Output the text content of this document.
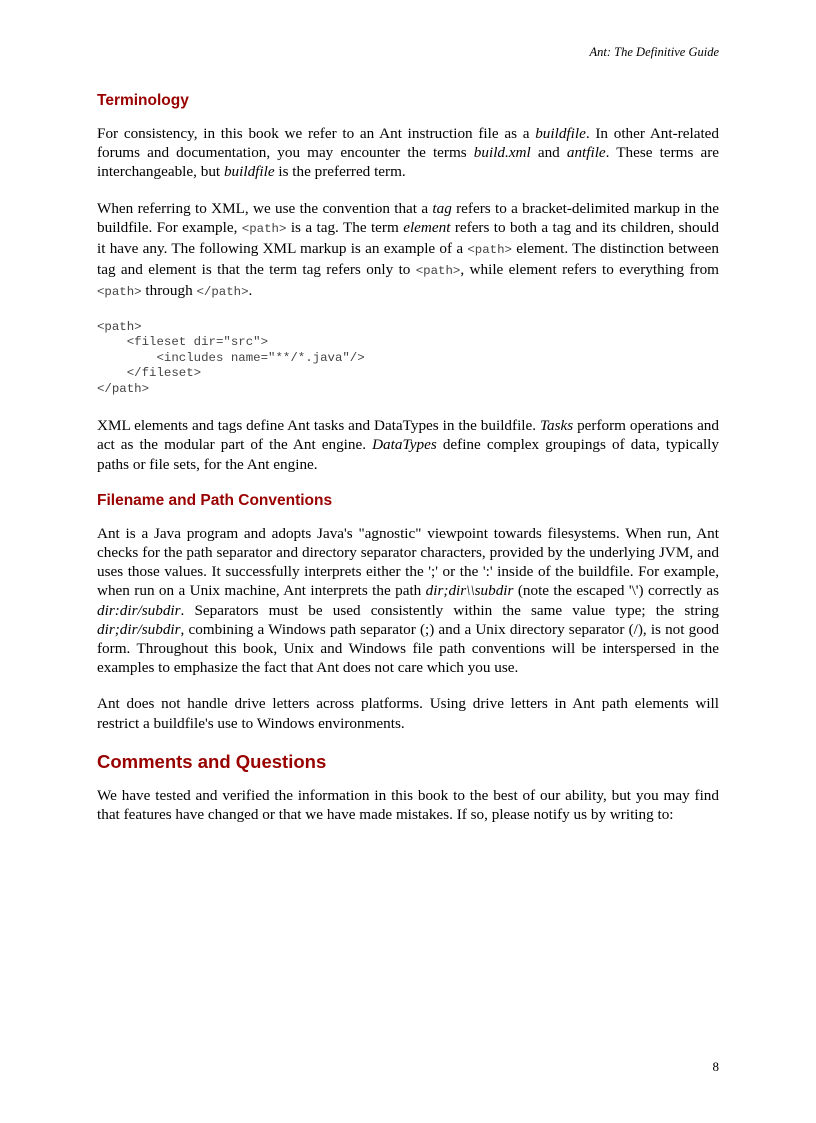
Ant: The Definitive Guide
Terminology

For consistency, in this book we refer to an Ant instruction file as a buildfile. In other Ant-related forums and documentation, you may encounter the terms build.xml and antfile. These terms are interchangeable, but buildfile is the preferred term.

When referring to XML, we use the convention that a tag refers to a bracket-delimited markup in the buildfile. For example, <path> is a tag. The term element refers to both a tag and its children, should it have any. The following XML markup is an example of a <path> element. The distinction between tag and element is that the term tag refers only to <path>, while element refers to everything from <path> through </path>.

<path>
<fileset dir="src">
<includes name="**/*.java"/>
</fileset>
</path>

XML elements and tags define Ant tasks and DataTypes in the buildfile. Tasks perform operations and act as the modular part of the Ant engine. DataTypes define complex groupings of data, typically paths or file sets, for the Ant engine.

Filename and Path Conventions

Ant is a Java program and adopts Java's "agnostic" viewpoint towards filesystems. When run, Ant checks for the path separator and directory separator characters, provided by the underlying JVM, and uses those values. It successfully interprets either the ';' or the ':' inside of the buildfile. For example, when run on a Unix machine, Ant interprets the path dir;dir\\subdir (note the escaped '\') correctly as dir:dir/subdir. Separators must be used consistently within the same value type; the string dir;dir/subdir, combining a Windows path separator (;) and a Unix directory separator (/), is not good form. Throughout this book, Unix and Windows file path conventions will be interspersed in the examples to emphasize the fact that Ant does not care which you use.

Ant does not handle drive letters across platforms. Using drive letters in Ant path elements will restrict a buildfile's use to Windows environments.

Comments and Questions

We have tested and verified the information in this book to the best of our ability, but you may find that features have changed or that we have made mistakes. If so, please notify us by writing to:

8
